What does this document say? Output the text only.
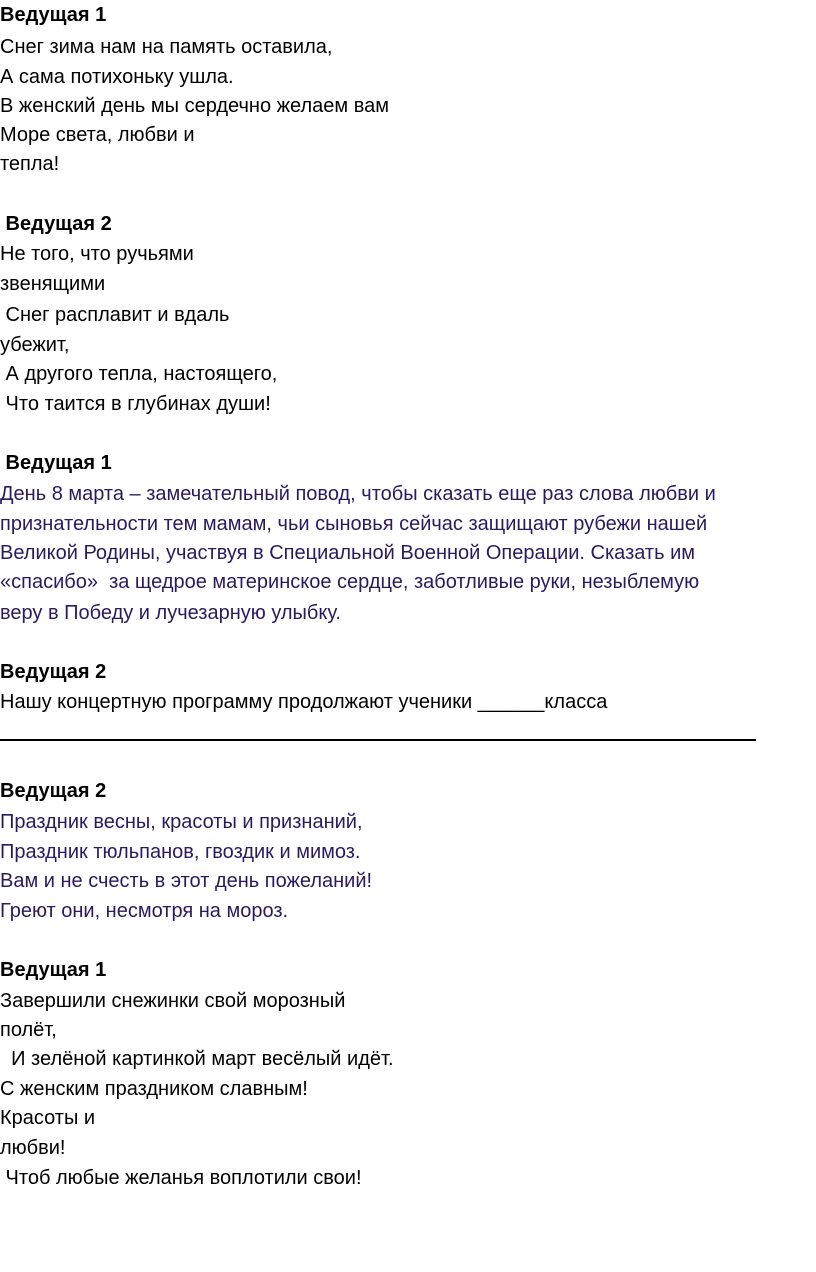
Ведущая 1
Снег зима нам на память оставила,
А сама потихоньку ушла.
В женский день мы сердечно желаем вам
Море света, любви и
тепла!
Ведущая 2
Не того, что ручьями
звенящими
Снег расплавит и вдаль
убежит,
А другого тепла, настоящего,
Что таится в глубинах души!
Ведущая 1
День 8 марта – замечательный повод, чтобы сказать еще раз слова любви и
признательности тем мамам, чьи сыновья сейчас защищают рубежи нашей
Великой Родины, участвуя в Специальной Военной Операции. Сказать им
«спасибо»  за щедрое материнское сердце, заботливые руки, незыблемую
веру в Победу и лучезарную улыбку.
Ведущая 2
Нашу концертную программу продолжают ученики ______класса
Ведущая 2
Праздник весны, красоты и признаний,
Праздник тюльпанов, гвоздик и мимоз.
Вам и не счесть в этот день пожеланий!
Греют они, несмотря на мороз.
Ведущая 1
Завершили снежинки свой морозный
полёт,
И зелёной картинкой март весёлый идёт.
С женским праздником славным!
Красоты и
любви!
Чтоб любые желанья воплотили свои!
